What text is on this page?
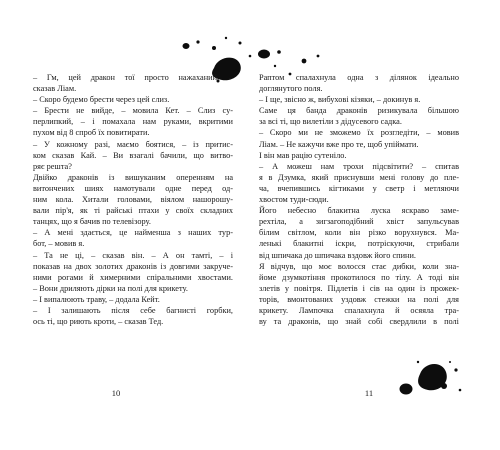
– Гм, цей дракон тої просто нажаханий, –
сказав Ліам.
– Скоро будемо брести через цей слиз.
– Брести не вийде, – мовила Кет. – Слиз су-
перлипкий, – і помахала нам руками, вкритими
пухом від 8 спроб їх повитирати.
– У кожному разі, маємо боятися, – із притис-
ком сказав Кай. – Ви взагалі бачили, що витво-
ряє решта?
Двійко драконів із вишуканим оперенням на
витончених шиях намотували одне перед од-
ним кола. Хитали головами, віялом нашорошу-
вали пір'я, як ті райські птахи у своїх складних
танцях, що я бачив по телевізору.
– А мені здається, це найменша з наших тур-
бот, – мовив я.
– Та не ці, – сказав він. – А он тамті, – і
показав на двох золотих драконів із довгими закруче-
ними рогами й химерними спіральними хвостами.
– Вони дриляють дірки на полі для крикету.
– І випалюють траву, – додала Кейт.
– І залишають після себе багнисті горбки,
ось ті, що риють кроти, – сказав Тед.
Раптом спалахнула одна з ділянок ідеально
доглянутого поля.
– І ще, звісно ж, вибухові кізяки, – докинув я.
Саме ця банда драконів ризикувала більшою
за всі ті, що вилетіли з дідусевого садка.
– Скоро ми не зможемо їх розгледіти, – мовив
Ліам. – Не кажучи вже про те, щоб упіймати.
І він мав рацію сутеніло.
– А можеш нам трохи підсвітити? – спитав
я в Дзумка, який приснувши мені голову до пле-
ча, вчепившись кігтиками у светр і метляючи
хвостом туди-сюди.
Його небесно блакитна луска яскраво заме-
рехтіла, а зигзагоподібний хвіст запульсував
білим світлом, коли він різко ворухнувся. Ма-
ленькі блакитні іскри, потріскуючи, стрибали
від шпичака до шпичака вздовж його спини.
Я відчув, що моє волосся стає дибки, коли зна-
йоме дзумкотіння прокотилося по тілу. А тоді він
злетів у повітря. Підлетів і сів на один із прожек-
торів, вмонтованих уздовж стежки на полі для
крикету. Лампочка спалахнула й осяяла тра-
ву та драконів, що знай собі свердлили в полі
10	11
